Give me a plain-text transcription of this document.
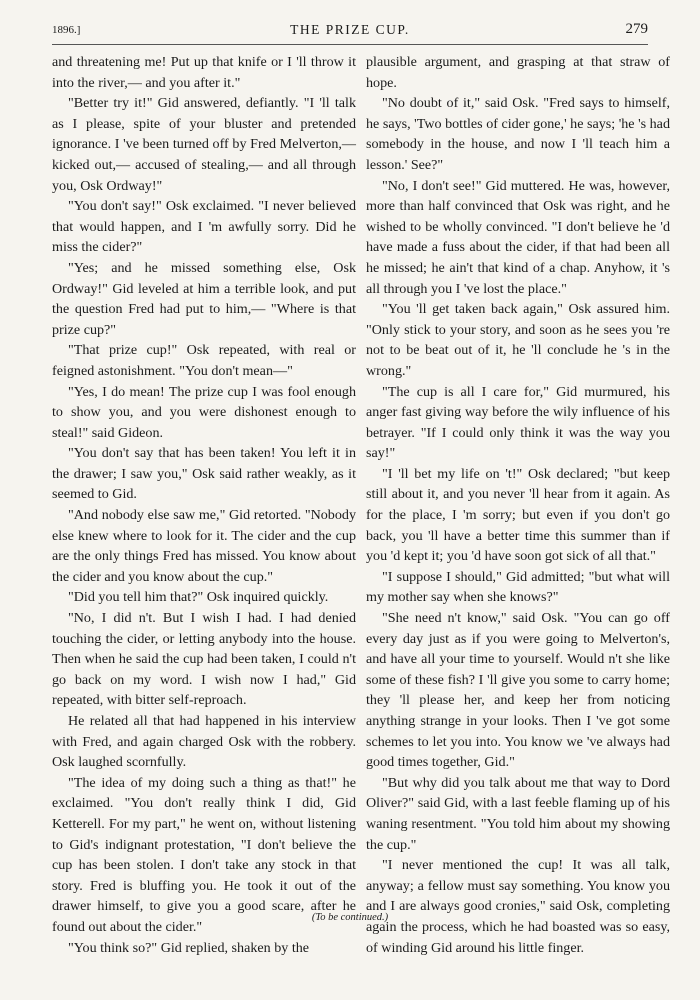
1896.]	THE PRIZE CUP.	279

and threatening me! Put up that knife or I 'll throw it into the river,— and you after it."

"Better try it!" Gid answered, defiantly. "I 'll talk as I please, spite of your bluster and pretended ignorance. I 've been turned off by Fred Melverton,— kicked out,— accused of stealing,— and all through you, Osk Ordway!"

"You don't say!" Osk exclaimed. "I never believed that would happen, and I 'm awfully sorry. Did he miss the cider?"

"Yes; and he missed something else, Osk Ordway!" Gid leveled at him a terrible look, and put the question Fred had put to him,— "Where is that prize cup?"

"That prize cup!" Osk repeated, with real or feigned astonishment. "You don't mean—"

"Yes, I do mean! The prize cup I was fool enough to show you, and you were dishonest enough to steal!" said Gideon.

"You don't say that has been taken! You left it in the drawer; I saw you," Osk said rather weakly, as it seemed to Gid.

"And nobody else saw me," Gid retorted. "Nobody else knew where to look for it. The cider and the cup are the only things Fred has missed. You know about the cider and you know about the cup."

"Did you tell him that?" Osk inquired quickly.

"No, I did n't. But I wish I had. I had denied touching the cider, or letting anybody into the house. Then when he said the cup had been taken, I could n't go back on my word. I wish now I had," Gid repeated, with bitter self-reproach.

He related all that had happened in his interview with Fred, and again charged Osk with the robbery. Osk laughed scornfully.

"The idea of my doing such a thing as that!" he exclaimed. "You don't really think I did, Gid Ketterell. For my part," he went on, without listening to Gid's indignant protestation, "I don't believe the cup has been stolen. I don't take any stock in that story. Fred is bluffing you. He took it out of the drawer himself, to give you a good scare, after he found out about the cider."

"You think so?" Gid replied, shaken by the

plausible argument, and grasping at that straw of hope.

"No doubt of it," said Osk. "Fred says to himself, he says, 'Two bottles of cider gone,' he says; 'he 's had somebody in the house, and now I 'll teach him a lesson.' See?"

"No, I don't see!" Gid muttered. He was, however, more than half convinced that Osk was right, and he wished to be wholly convinced. "I don't believe he 'd have made a fuss about the cider, if that had been all he missed; he ain't that kind of a chap. Anyhow, it 's all through you I 've lost the place."

"You 'll get taken back again," Osk assured him. "Only stick to your story, and soon as he sees you 're not to be beat out of it, he 'll conclude he 's in the wrong."

"The cup is all I care for," Gid murmured, his anger fast giving way before the wily influence of his betrayer. "If I could only think it was the way you say!"

"I 'll bet my life on 't!" Osk declared; "but keep still about it, and you never 'll hear from it again. As for the place, I 'm sorry; but even if you don't go back, you 'll have a better time this summer than if you 'd kept it; you 'd have soon got sick of all that."

"I suppose I should," Gid admitted; "but what will my mother say when she knows?"

"She need n't know," said Osk. "You can go off every day just as if you were going to Melverton's, and have all your time to yourself. Would n't she like some of these fish? I 'll give you some to carry home; they 'll please her, and keep her from noticing anything strange in your looks. Then I 've got some schemes to let you into. You know we 've always had good times together, Gid."

"But why did you talk about me that way to Dord Oliver?" said Gid, with a last feeble flaming up of his waning resentment. "You told him about my showing the cup."

"I never mentioned the cup! It was all talk, anyway; a fellow must say something. You know you and I are always good cronies," said Osk, completing again the process, which he had boasted was so easy, of winding Gid around his little finger.

(To be continued.)
